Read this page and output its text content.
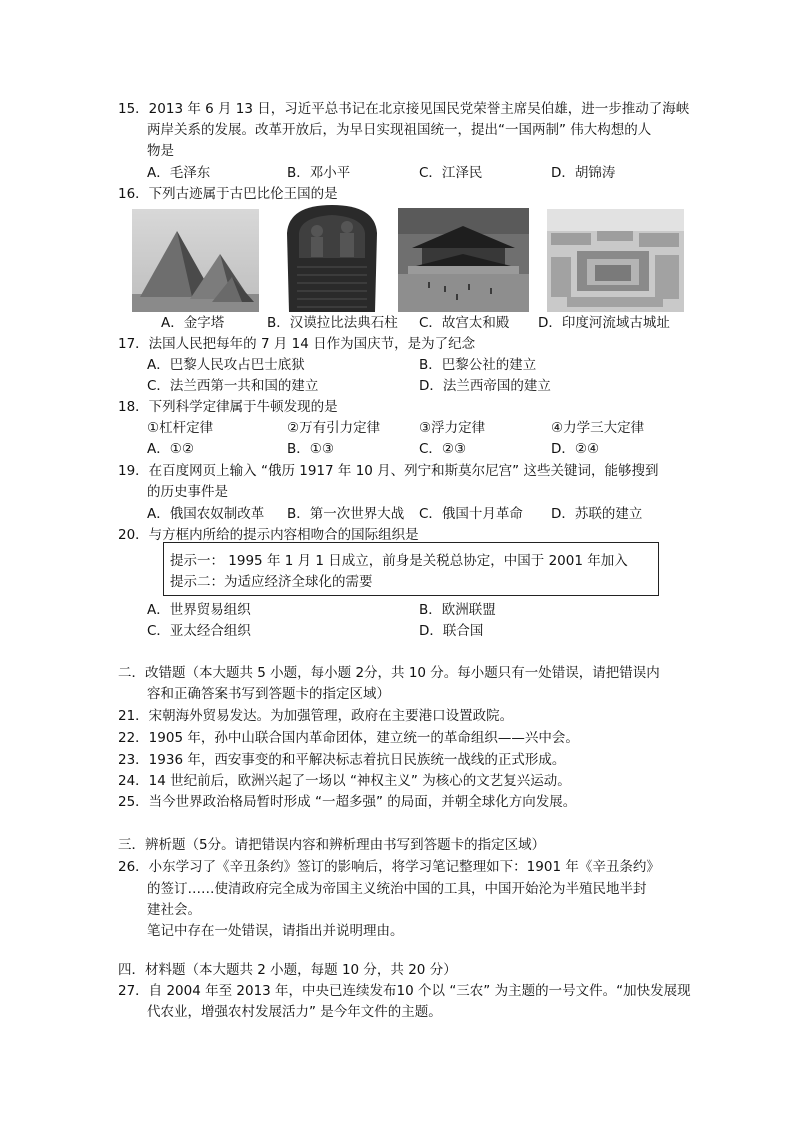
15．2013 年 6 月 13 日，习近平总书记在北京接见国民党荣誉主席吴伯雄，进一步推动了海峡
两岸关系的发展。改革开放后，为早日实现祖国统一，提出“一国两制” 伟大构想的人
物是
A．毛泽东	B．邓小平	C．江泽民	D．胡锦涛
16．下列古迹属于古巴比伦王国的是
A．金字塔	B．汉谟拉比法典石柱 C．故宫太和殿 D．印度河流域古城址
17．法国人民把每年的 7 月 14 日作为国庆节，是为了纪念
A．巴黎人民攻占巴士底狱	B．巴黎公社的建立
C．法兰西第一共和国的建立	D．法兰西帝国的建立
18．下列科学定律属于牛顿发现的是
①杠杆定律	②万有引力定律	③浮力定律	④力学三大定律
A．①②	B．①③	C．②③	D．②④
19．在百度网页上输入 “俄历 1917 年 10 月、列宁和斯莫尔尼宫” 这些关键词，能够搜到
的历史事件是
A．俄国农奴制改革 B．第一次世界大战 C．俄国十月革命 D．苏联的建立
20．与方框内所给的提示内容相吻合的国际组织是
提示一： 1995 年 1 月 1 日成立，前身是关税总协定，中国于 2001 年加入
提示二：为适应经济全球化的需要
A．世界贸易组织	B．欧洲联盟
C．亚太经合组织	D．联合国
二．改错题（本大题共 5 小题，每小题 2分，共 10 分。每小题只有一处错误，请把错误内
容和正确答案书写到答题卡的指定区域）
21．宋朝海外贸易发达。为加强管理，政府在主要港口设置政院。
22．1905 年，孙中山联合国内革命团体，建立统一的革命组织——兴中会。
23．1936 年，西安事变的和平解决标志着抗日民族统一战线的正式形成。
24．14 世纪前后，欧洲兴起了一场以 “神权主义” 为核心的文艺复兴运动。
25．当今世界政治格局暂时形成 “一超多强” 的局面，并朝全球化方向发展。
三．辨析题（5分。请把错误内容和辨析理由书写到答题卡的指定区域）
26．小东学习了《辛丑条约》签订的影响后，将学习笔记整理如下：1901 年《辛丑条约》
的签订……使清政府完全成为帝国主义统治中国的工具，中国开始沦为半殖民地半封
建社会。
笔记中存在一处错误，请指出并说明理由。
四．材料题（本大题共 2 小题，每题 10 分，共 20 分）
27．自 2004 年至 2013 年，中央已连续发布10 个以 “三农” 为主题的一号文件。“加快发展现
代农业，增强农村发展活力” 是今年文件的主题。
